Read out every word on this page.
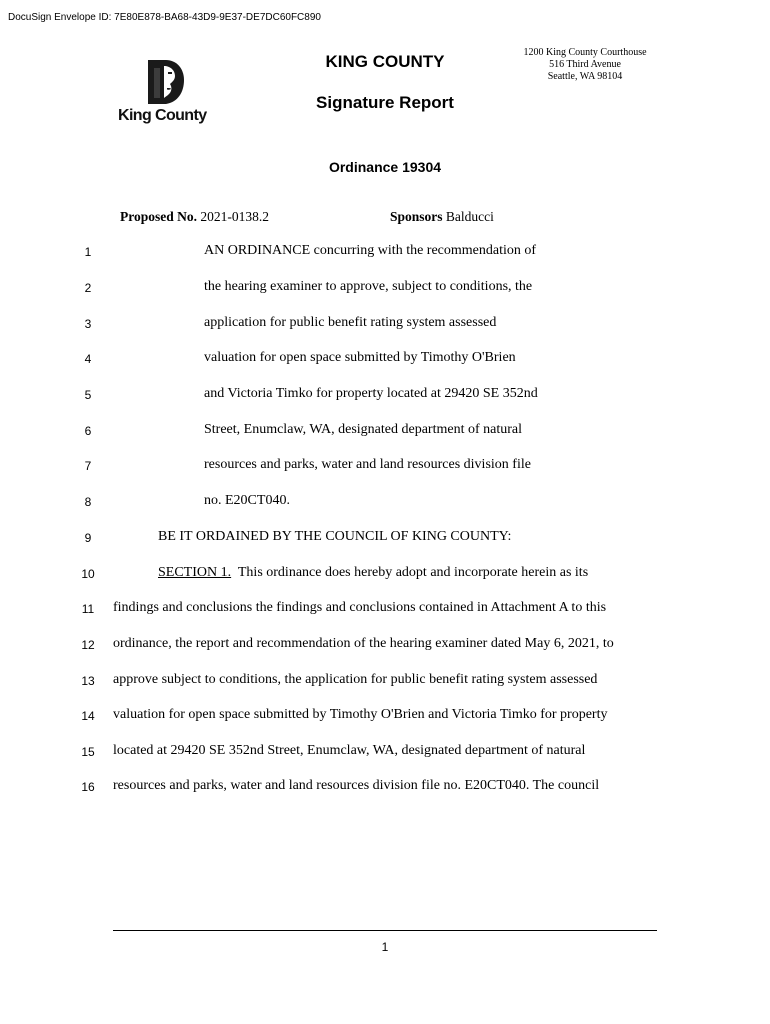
DocuSign Envelope ID: 7E80E878-BA68-43D9-9E37-DE7DC60FC890
King County
KING COUNTY
Signature Report
1200 King County Courthouse
516 Third Avenue
Seattle, WA 98104
Ordinance 19304
Proposed No. 2021-0138.2	Sponsors Balducci
1	AN ORDINANCE concurring with the recommendation of
2	the hearing examiner to approve, subject to conditions, the
3	application for public benefit rating system assessed
4	valuation for open space submitted by Timothy O'Brien
5	and Victoria Timko for property located at 29420 SE 352nd
6	Street, Enumclaw, WA, designated department of natural
7	resources and parks, water and land resources division file
8	no. E20CT040.
9	BE IT ORDAINED BY THE COUNCIL OF KING COUNTY:
10	SECTION 1. This ordinance does hereby adopt and incorporate herein as its
11	findings and conclusions the findings and conclusions contained in Attachment A to this
12	ordinance, the report and recommendation of the hearing examiner dated May 6, 2021, to
13	approve subject to conditions, the application for public benefit rating system assessed
14	valuation for open space submitted by Timothy O'Brien and Victoria Timko for property
15	located at 29420 SE 352nd Street, Enumclaw, WA, designated department of natural
16	resources and parks, water and land resources division file no. E20CT040. The council
1
